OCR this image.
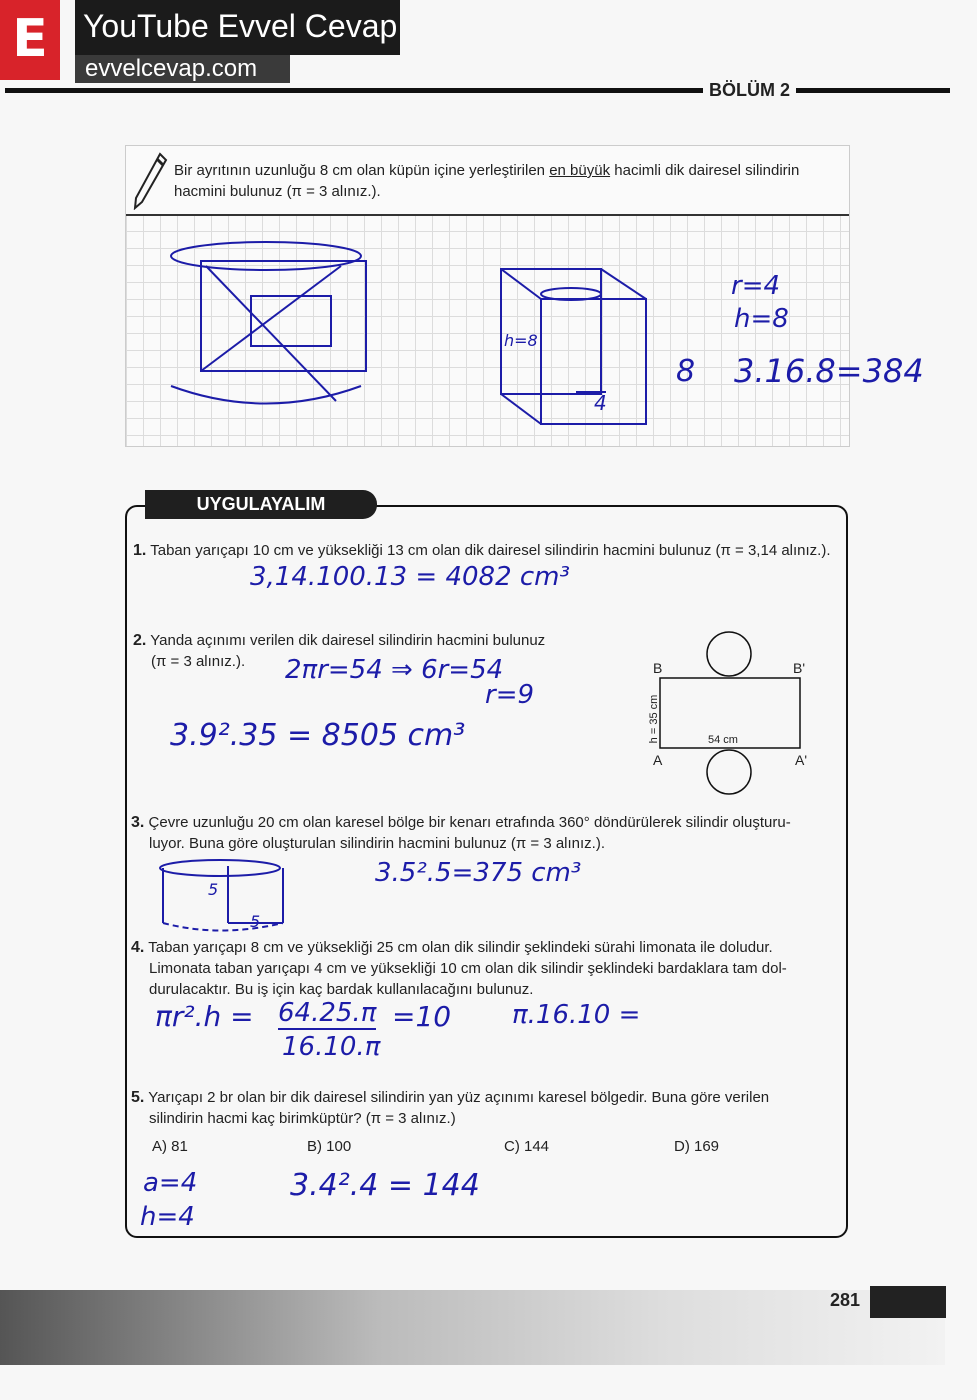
E	YouTube Evvel Cevap
evvelcevap.com
BÖLÜM 2
Bir ayrıtının uzunluğu 8 cm olan küpün içine yerleştirilen en büyük hacimli dik dairesel silindirin hacmini bulunuz (π = 3 alınız.).
h=8
4
r=4
h=8
8 3.16.8=384
UYGULAYALIM
1. Taban yarıçapı 10 cm ve yüksekliği 13 cm olan dik dairesel silindirin hacmini bulunuz (π = 3,14 alınız.).
3,14.100.13 = 4082 cm³
2. Yanda açınımı verilen dik dairesel silindirin hacmini bulunuz
(π = 3 alınız.).	2πr=54 ⇒ 6r=54
r=9
3.9².35 = 8505 cm³
B	B'
A	A'
h = 35 cm	54 cm
3. Çevre uzunluğu 20 cm olan karesel bölge bir kenarı etrafında 360° döndürülerek silindir oluşturu-
luyor. Buna göre oluşturulan silindirin hacmini bulunuz (π = 3 alınız.).
5
5
3.5².5=375 cm³
4. Taban yarıçapı 8 cm ve yüksekliği 25 cm olan dik silindir şeklindeki sürahi limonata ile doludur.
Limonata taban yarıçapı 4 cm ve yüksekliği 10 cm olan dik silindir şeklindeki bardaklara tam dol-
durulacaktır. Bu iş için kaç bardak kullanılacağını bulunuz.
πr².h = 64.25.π
16.10.π
=10 π.16.10 =
5. Yarıçapı 2 br olan bir dik dairesel silindirin yan yüz açınımı karesel bölgedir. Buna göre verilen
silindirin hacmi kaç birimküptür? (π = 3 alınız.)
A) 81	B) 100	C) 144	D) 169
a=4
h=4
3.4².4 = 144
281
